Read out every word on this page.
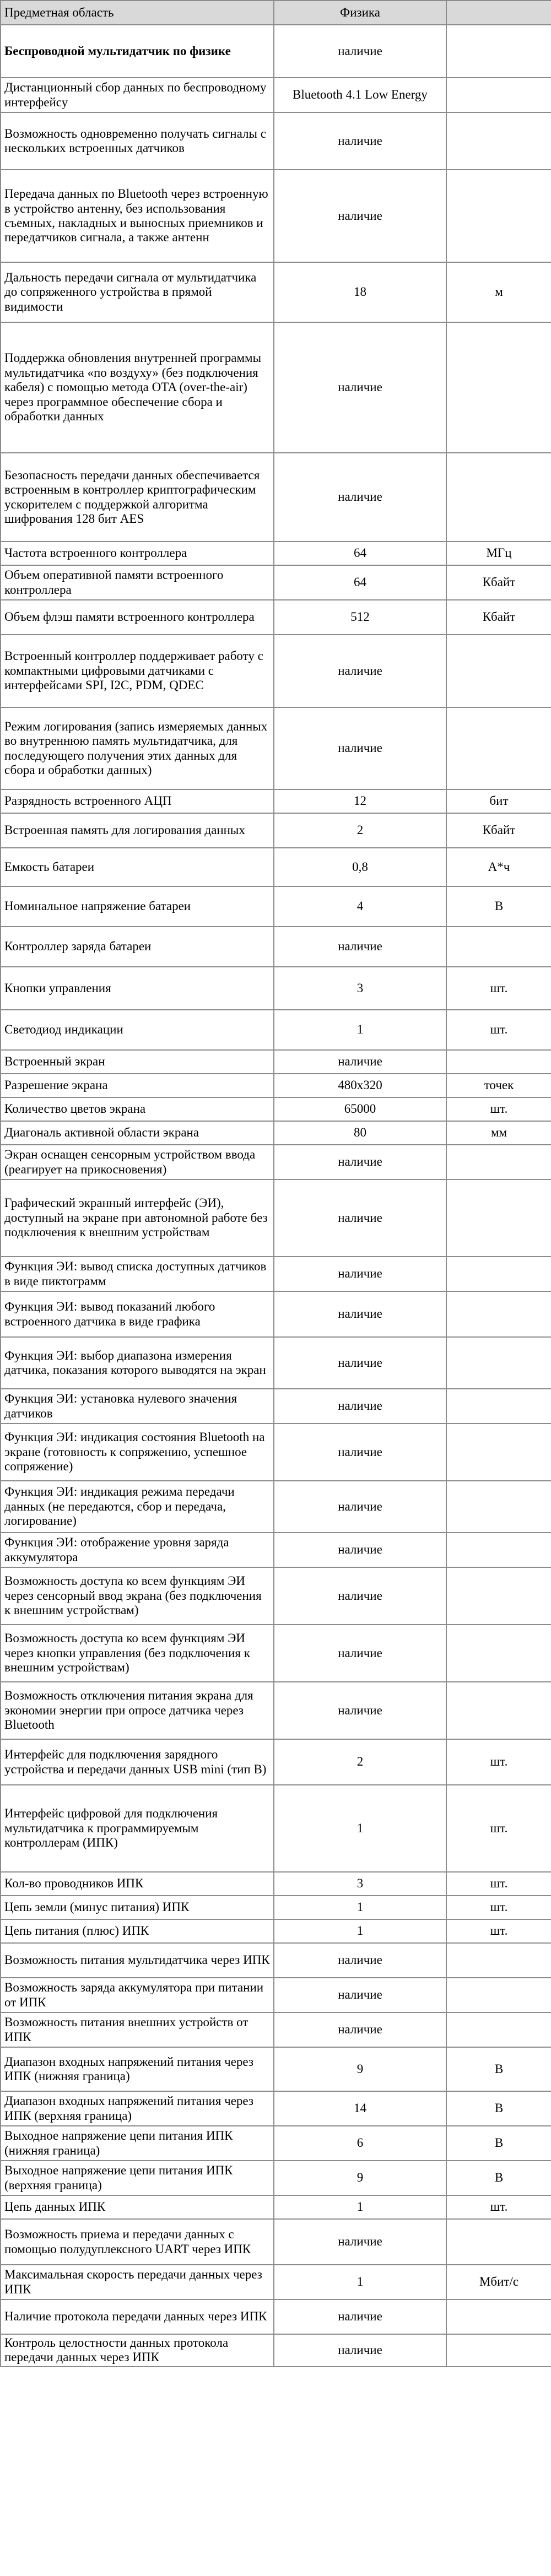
Предметная область	Физика	
Беспроводной мультидатчик по физике	наличие	
Дистанционный сбор данных по беспроводному интерфейсу	Bluetooth 4.1 Low Energy	
Возможность одновременно получать сигналы с нескольких встроенных датчиков	наличие	
Передача данных по Bluetooth через встроенную в устройство антенну, без использования съемных, накладных и выносных приемников и передатчиков сигнала, а также антенн	наличие	
Дальность передачи сигнала от мультидатчика до сопряженного устройства в прямой видимости	18	м
Поддержка обновления внутренней программы мультидатчика «по воздуху» (без подключения кабеля) с помощью метода OTA (over-the-air) через программное обеспечение сбора и обработки данных	наличие	
Безопасность передачи данных обеспечивается встроенным в контроллер криптографическим ускорителем с поддержкой алгоритма шифрования 128 бит AES	наличие	
Частота встроенного контроллера	64	МГц
Объем оперативной памяти встроенного контроллера	64	Кбайт
Объем флэш памяти встроенного контроллера	512	Кбайт
Встроенный контроллер поддерживает работу с компактными цифровыми датчиками с интерфейсами SPI, I2C, PDM, QDEC	наличие	
Режим логирования (запись измеряемых данных во внутреннюю память мультидатчика, для последующего получения этих данных для сбора и обработки данных)	наличие	
Разрядность встроенного АЦП	12	бит
Встроенная память для логирования данных	2	Кбайт
Емкость батареи	0,8	А*ч
Номинальное напряжение батареи	4	В
Контроллер заряда батареи	наличие	
Кнопки управления	3	шт.
Светодиод индикации	1	шт.
Встроенный экран	наличие	
Разрешение экрана	480x320	точек
Количество цветов экрана	65000	шт.
Диагональ активной области экрана	80	мм
Экран оснащен сенсорным устройством ввода (реагирует на прикосновения)	наличие	
Графический экранный интерфейс (ЭИ), доступный на экране при автономной работе без подключения к внешним устройствам	наличие	
Функция ЭИ: вывод списка доступных датчиков в виде пиктограмм	наличие	
Функция ЭИ: вывод показаний любого встроенного датчика в виде графика	наличие	
Функция ЭИ: выбор диапазона измерения датчика, показания которого выводятся на экран	наличие	
Функция ЭИ: установка нулевого значения датчиков	наличие	
Функция ЭИ: индикация состояния Bluetooth на экране (готовность к сопряжению, успешное сопряжение)	наличие	
Функция ЭИ: индикация режима передачи данных (не передаются, сбор и передача, логирование)	наличие	
Функция ЭИ: отображение уровня заряда аккумулятора	наличие	
Возможность доступа ко всем функциям ЭИ через сенсорный ввод экрана (без подключения к внешним устройствам)	наличие	
Возможность доступа ко всем функциям ЭИ через кнопки управления (без подключения к внешним устройствам)	наличие	
Возможность отключения питания экрана для экономии энергии при опросе датчика через Bluetooth	наличие	
Интерфейс для подключения зарядного устройства и передачи данных USB mini (тип B)	2	шт.
Интерфейс цифровой для подключения мультидатчика к программируемым контроллерам (ИПК)	1	шт.
Кол-во проводников ИПК	3	шт.
Цепь земли (минус питания) ИПК	1	шт.
Цепь питания (плюс) ИПК	1	шт.
Возможность питания мультидатчика через ИПК	наличие	
Возможность заряда аккумулятора при питании от ИПК	наличие	
Возможность питания внешних устройств от ИПК	наличие	
Диапазон входных напряжений питания через ИПК (нижняя граница)	9	В
Диапазон входных напряжений питания через ИПК (верхняя граница)	14	В
Выходное напряжение цепи питания ИПК (нижняя граница)	6	В
Выходное напряжение цепи питания ИПК (верхняя граница)	9	В
Цепь данных ИПК	1	шт.
Возможность приема и передачи данных с помощью полудуплексного UART через ИПК	наличие	
Максимальная скорость передачи данных через ИПК	1	Мбит/с
Наличие протокола передачи данных через ИПК	наличие	
Контроль целостности данных протокола передачи данных через ИПК	наличие	
